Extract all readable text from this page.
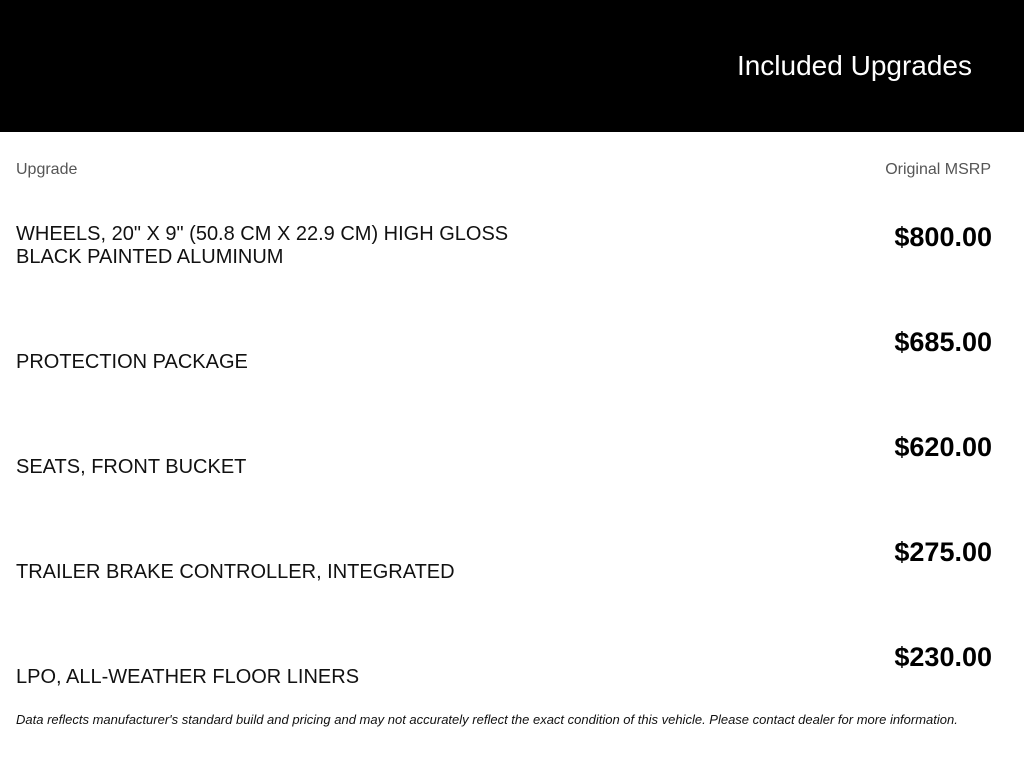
Included Upgrades
Upgrade	Original MSRP
WHEELS, 20" X 9" (50.8 CM X 22.9 CM) HIGH GLOSS
BLACK PAINTED ALUMINUM
$800.00
PROTECTION PACKAGE
$685.00
SEATS, FRONT BUCKET
$620.00
TRAILER BRAKE CONTROLLER, INTEGRATED
$275.00
LPO, ALL-WEATHER FLOOR LINERS
$230.00
Data reflects manufacturer's standard build and pricing and may not accurately reflect the exact condition of this vehicle. Please contact dealer for more information.
